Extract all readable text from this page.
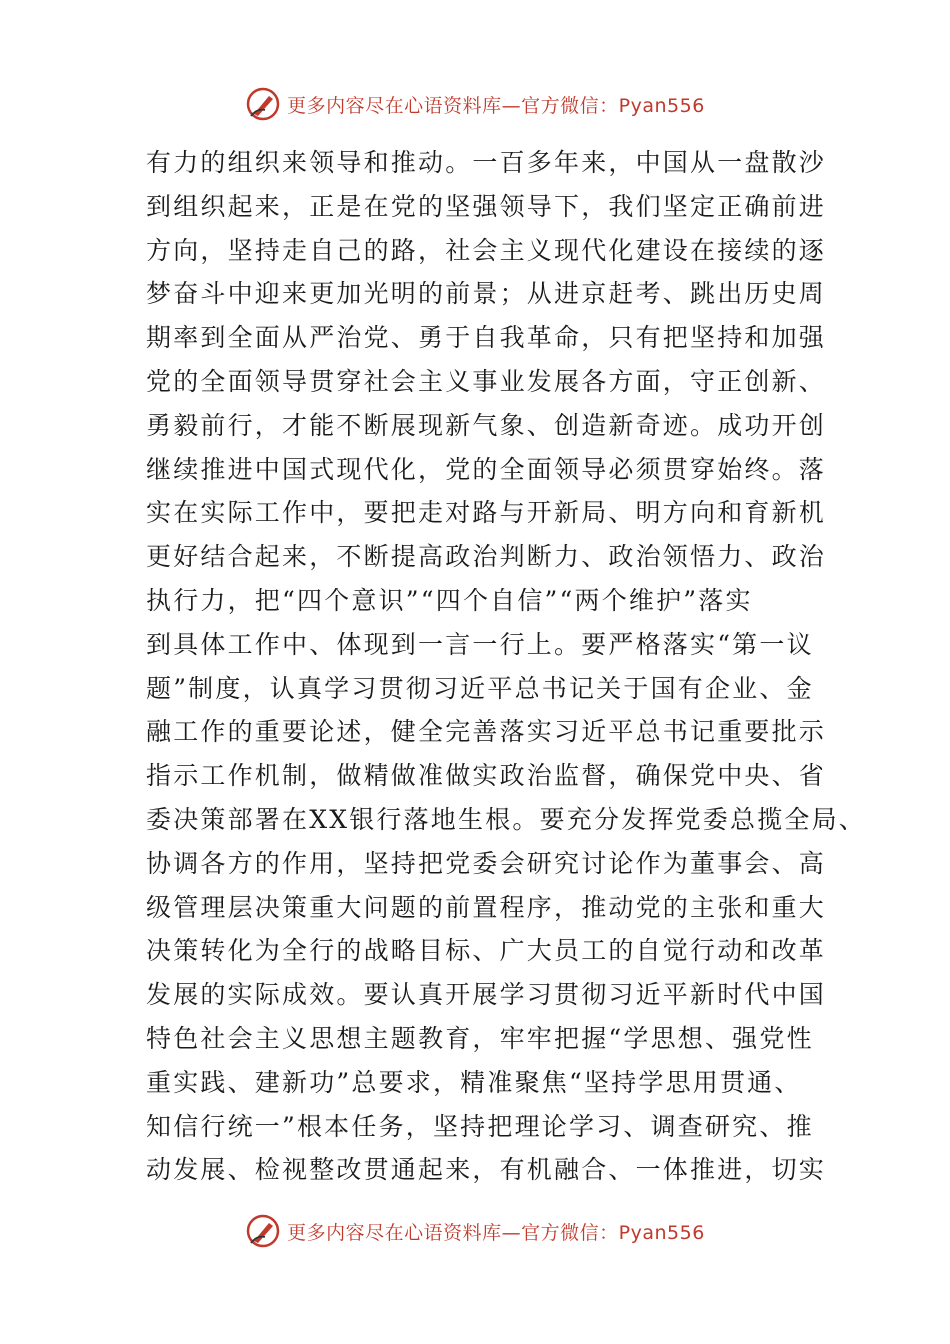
更多内容尽在心语资料库—官方微信：Pyan556
有力的组织来领导和推动。一百多年来，中国从一盘散沙
到组织起来，正是在党的坚强领导下，我们坚定正确前进
方向，坚持走自己的路，社会主义现代化建设在接续的逐
梦奋斗中迎来更加光明的前景；从进京赶考、跳出历史周
期率到全面从严治党、勇于自我革命，只有把坚持和加强
党的全面领导贯穿社会主义事业发展各方面，守正创新、
勇毅前行，才能不断展现新气象、创造新奇迹。成功开创
继续推进中国式现代化，党的全面领导必须贯穿始终。落
实在实际工作中，要把走对路与开新局、明方向和育新机
更好结合起来，不断提高政治判断力、政治领悟力、政治
执行力，把“四个意识”“四个自信”“两个维护”落实
到具体工作中、体现到一言一行上。要严格落实“第一议
题”制度，认真学习贯彻习近平总书记关于国有企业、金
融工作的重要论述，健全完善落实习近平总书记重要批示
指示工作机制，做精做准做实政治监督，确保党中央、省
委决策部署在XX银行落地生根。要充分发挥党委总揽全局、
协调各方的作用，坚持把党委会研究讨论作为董事会、高
级管理层决策重大问题的前置程序，推动党的主张和重大
决策转化为全行的战略目标、广大员工的自觉行动和改革
发展的实际成效。要认真开展学习贯彻习近平新时代中国
特色社会主义思想主题教育，牢牢把握“学思想、强党性
重实践、建新功”总要求，精准聚焦“坚持学思用贯通、
知信行统一”根本任务，坚持把理论学习、调查研究、推
动发展、检视整改贯通起来，有机融合、一体推进，切实
更多内容尽在心语资料库—官方微信：Pyan556
